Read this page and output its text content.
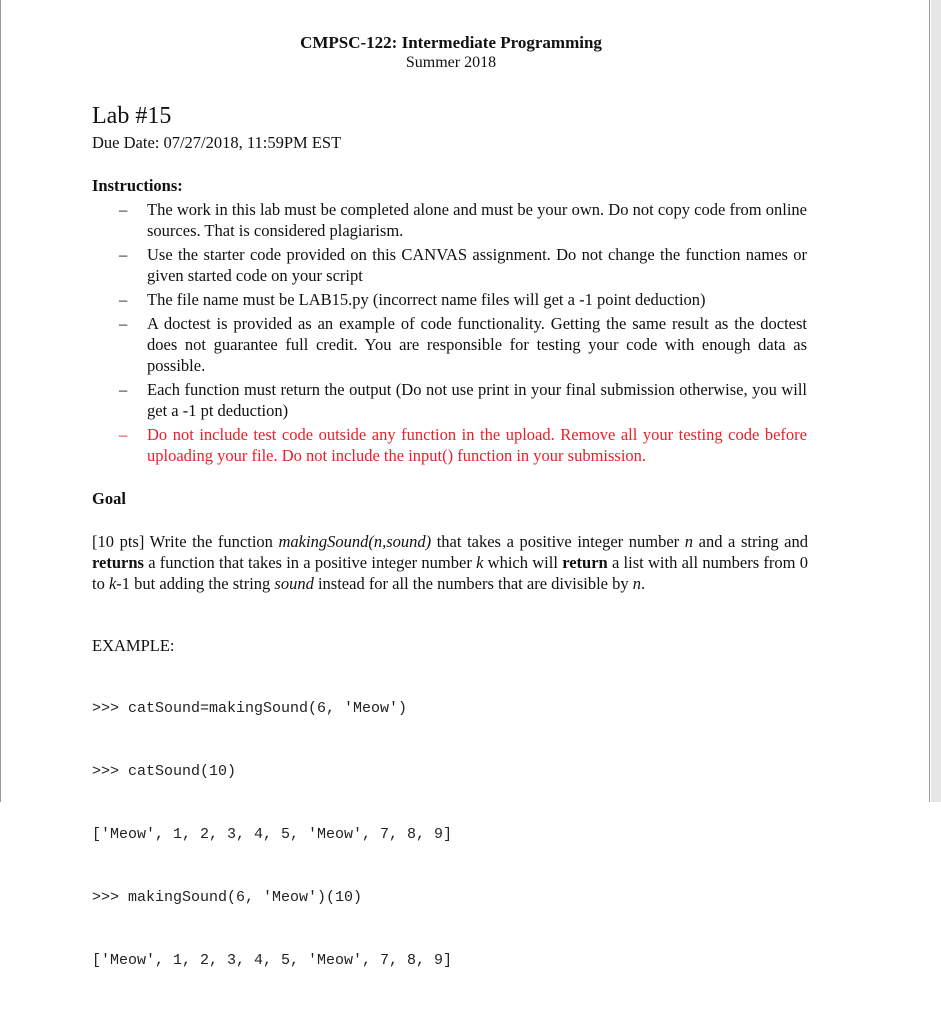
CMPSC-122: Intermediate Programming
Summer 2018
Lab #15
Due Date: 07/27/2018, 11:59PM EST
Instructions:
– The work in this lab must be completed alone and must be your own. Do not copy code from online sources. That is considered plagiarism.
– Use the starter code provided on this CANVAS assignment. Do not change the function names or given started code on your script
– The file name must be LAB15.py (incorrect name files will get a -1 point deduction)
– A doctest is provided as an example of code functionality. Getting the same result as the doctest does not guarantee full credit. You are responsible for testing your code with enough data as possible.
– Each function must return the output (Do not use print in your final submission otherwise, you will get a -1 pt deduction)
– Do not include test code outside any function in the upload. Remove all your testing code before uploading your file. Do not include the input() function in your submission.
Goal
[10 pts] Write the function makingSound(n,sound) that takes a positive integer number n and a string and returns a function that takes in a positive integer number k which will return a list with all numbers from 0 to k-1 but adding the string sound instead for all the numbers that are divisible by n.
EXAMPLE:

>>> catSound=makingSound(6, 'Meow')

>>> catSound(10)

['Meow', 1, 2, 3, 4, 5, 'Meow', 7, 8, 9]

>>> makingSound(6, 'Meow')(10)

['Meow', 1, 2, 3, 4, 5, 'Meow', 7, 8, 9]
